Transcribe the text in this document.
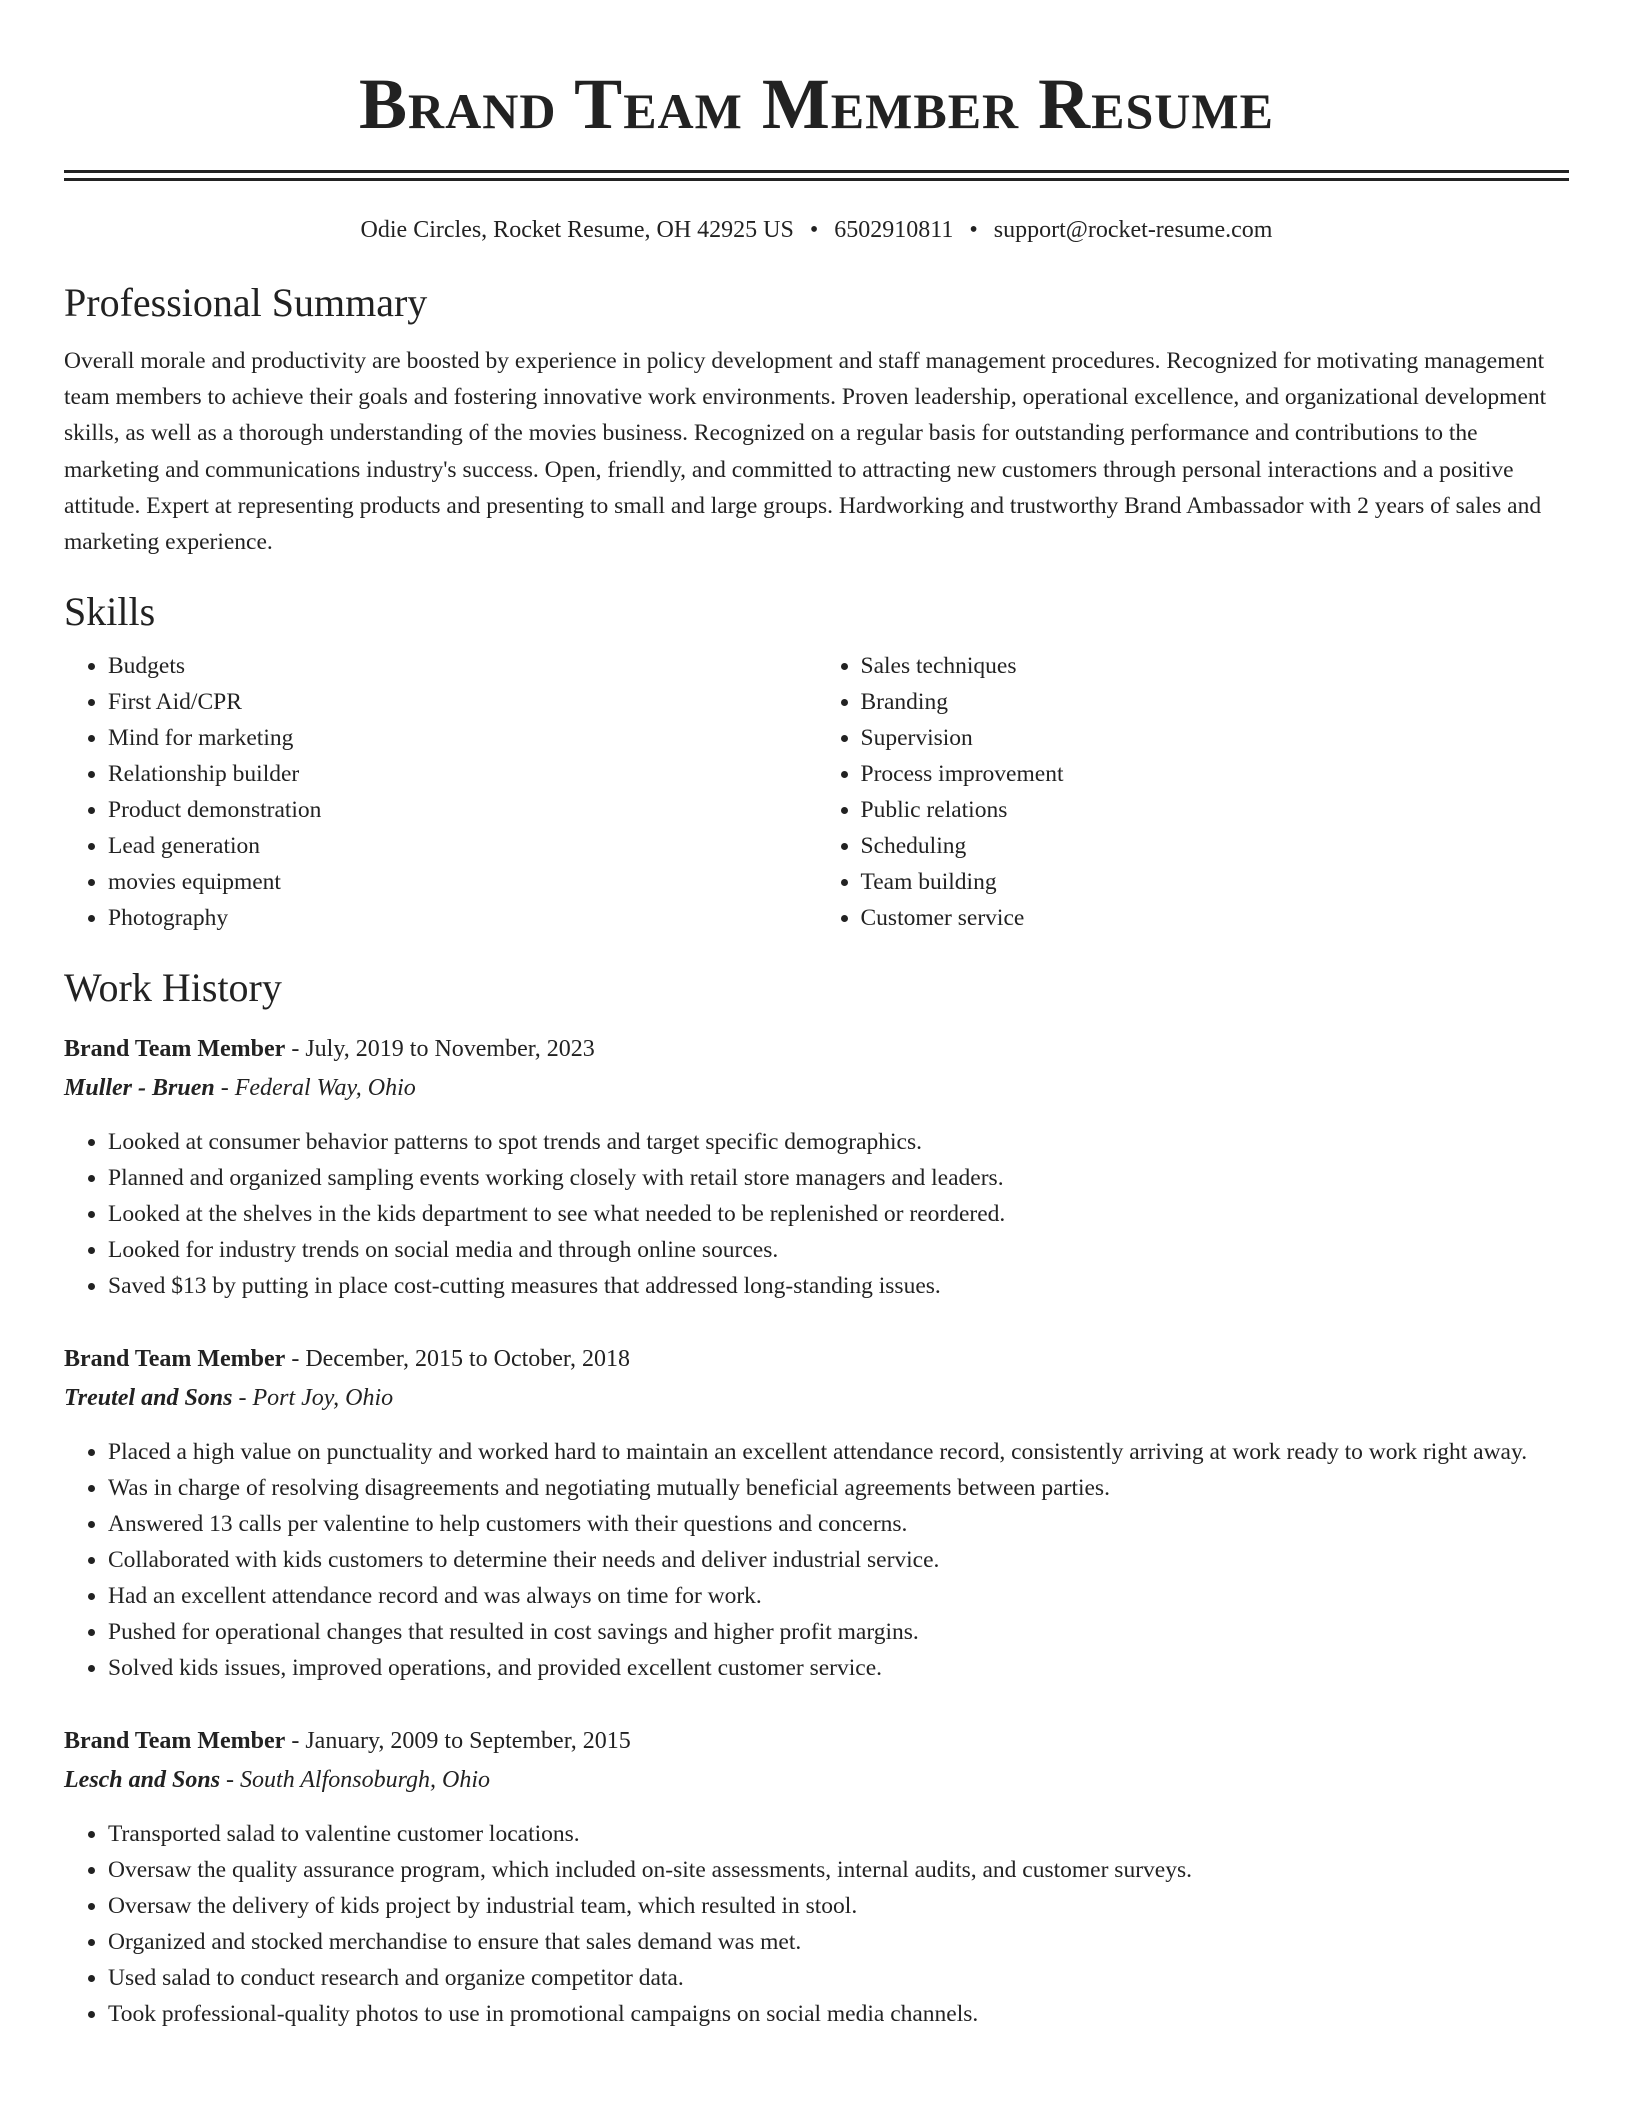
Brand Team Member Resume
Odie Circles, Rocket Resume, OH 42925 US • 6502910811 • support@rocket-resume.com
Professional Summary
Overall morale and productivity are boosted by experience in policy development and staff management procedures. Recognized for motivating management team members to achieve their goals and fostering innovative work environments. Proven leadership, operational excellence, and organizational development skills, as well as a thorough understanding of the movies business. Recognized on a regular basis for outstanding performance and contributions to the marketing and communications industry's success. Open, friendly, and committed to attracting new customers through personal interactions and a positive attitude. Expert at representing products and presenting to small and large groups. Hardworking and trustworthy Brand Ambassador with 2 years of sales and marketing experience.
Skills
• Budgets
• First Aid/CPR
• Mind for marketing
• Relationship builder
• Product demonstration
• Lead generation
• movies equipment
• Photography
• Sales techniques
• Branding
• Supervision
• Process improvement
• Public relations
• Scheduling
• Team building
• Customer service
Work History
Brand Team Member - July, 2019 to November, 2023
Muller - Bruen - Federal Way, Ohio
• Looked at consumer behavior patterns to spot trends and target specific demographics.
• Planned and organized sampling events working closely with retail store managers and leaders.
• Looked at the shelves in the kids department to see what needed to be replenished or reordered.
• Looked for industry trends on social media and through online sources.
• Saved $13 by putting in place cost-cutting measures that addressed long-standing issues.
Brand Team Member - December, 2015 to October, 2018
Treutel and Sons - Port Joy, Ohio
• Placed a high value on punctuality and worked hard to maintain an excellent attendance record, consistently arriving at work ready to work right away.
• Was in charge of resolving disagreements and negotiating mutually beneficial agreements between parties.
• Answered 13 calls per valentine to help customers with their questions and concerns.
• Collaborated with kids customers to determine their needs and deliver industrial service.
• Had an excellent attendance record and was always on time for work.
• Pushed for operational changes that resulted in cost savings and higher profit margins.
• Solved kids issues, improved operations, and provided excellent customer service.
Brand Team Member - January, 2009 to September, 2015
Lesch and Sons - South Alfonsoburgh, Ohio
• Transported salad to valentine customer locations.
• Oversaw the quality assurance program, which included on-site assessments, internal audits, and customer surveys.
• Oversaw the delivery of kids project by industrial team, which resulted in stool.
• Organized and stocked merchandise to ensure that sales demand was met.
• Used salad to conduct research and organize competitor data.
• Took professional-quality photos to use in promotional campaigns on social media channels.
